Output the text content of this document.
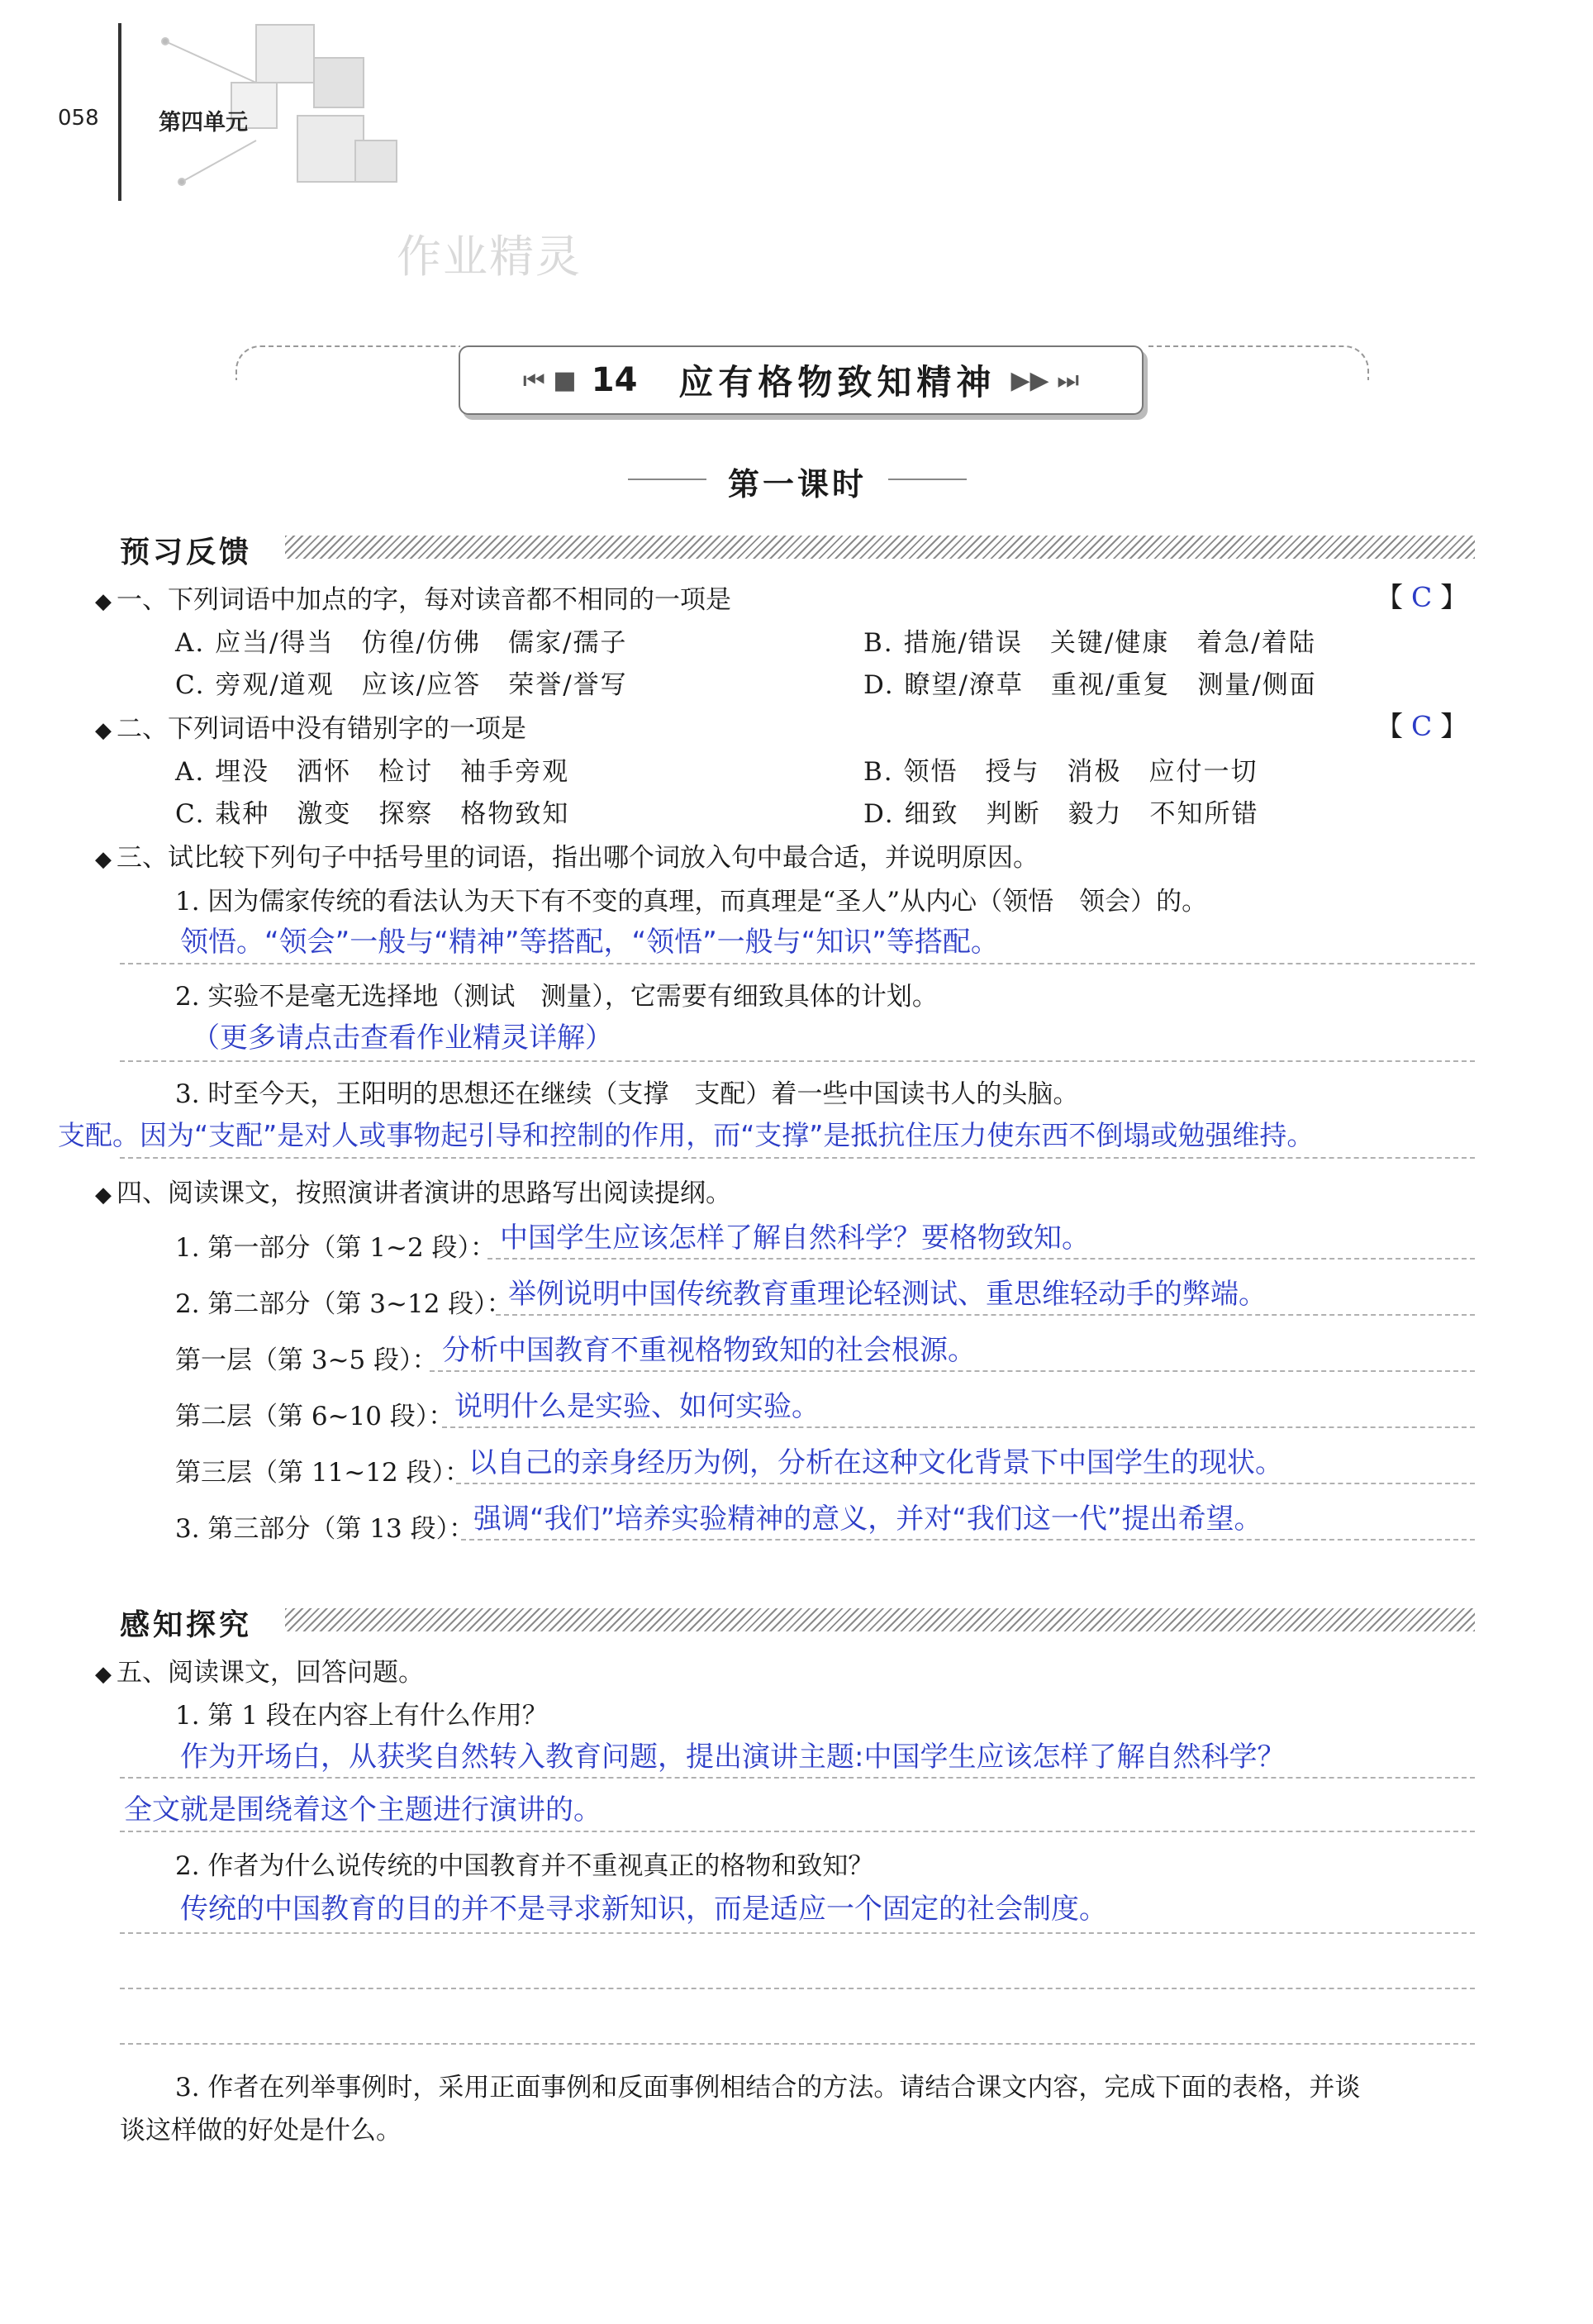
058	第四单元
作业精灵
⏮ ■ 14 应有格物致知精神 ▶▶ ⏭
第一课时
预习反馈
◆ 一、下列词语中加点的字，每对读音都不相同的一项是	【 C 】
A. 应当/得当　仿徨/仿佛　儒家/孺子	B. 措施/错误　关键/健康　着急/着陆
C. 旁观/道观　应该/应答　荣誉/誉写	D. 瞭望/潦草　重视/重复　测量/侧面
◆ 二、下列词语中没有错别字的一项是	【 C 】
A. 埋没　洒怀　检讨　袖手旁观	B. 领悟　授与　消极　应付一切
C. 栽种　激变　探察　格物致知	D. 细致　判断　毅力　不知所错
◆ 三、试比较下列句子中括号里的词语，指出哪个词放入句中最合适，并说明原因。
1. 因为儒家传统的看法认为天下有不变的真理，而真理是“圣人”从内心（领悟　领会）的。
领悟。“领会”一般与“精神”等搭配，“领悟”一般与“知识”等搭配。
2. 实验不是毫无选择地（测试　测量），它需要有细致具体的计划。
（更多请点击查看作业精灵详解）
3. 时至今天，王阳明的思想还在继续（支撑　支配）着一些中国读书人的头脑。
支配。因为“支配”是对人或事物起引导和控制的作用，而“支撑”是抵抗住压力使东西不倒塌或勉强维持。
◆ 四、阅读课文，按照演讲者演讲的思路写出阅读提纲。
1. 第一部分（第 1~2 段）： 中国学生应该怎样了解自然科学？要格物致知。
2. 第二部分（第 3~12 段）：
举例说明中国传统教育重理论轻测试、重思维轻动手的弊端。
第一层（第 3~5 段）： 分析中国教育不重视格物致知的社会根源。
第二层（第 6~10 段）： 说明什么是实验、如何实验。
第三层（第 11~12 段）：
以自己的亲身经历为例，分析在这种文化背景下中国学生的现状。
3. 第三部分（第 13 段）：
强调“我们”培养实验精神的意义，并对“我们这一代”提出希望。
感知探究
◆ 五、阅读课文，回答问题。
1. 第 1 段在内容上有什么作用？
作为开场白，从获奖自然转入教育问题，提出演讲主题:中国学生应该怎样了解自然科学？
全文就是围绕着这个主题进行演讲的。
2. 作者为什么说传统的中国教育并不重视真正的格物和致知？
传统的中国教育的目的并不是寻求新知识，而是适应一个固定的社会制度。
3. 作者在列举事例时，采用正面事例和反面事例相结合的方法。请结合课文内容，完成下面的表格，并谈
谈这样做的好处是什么。
